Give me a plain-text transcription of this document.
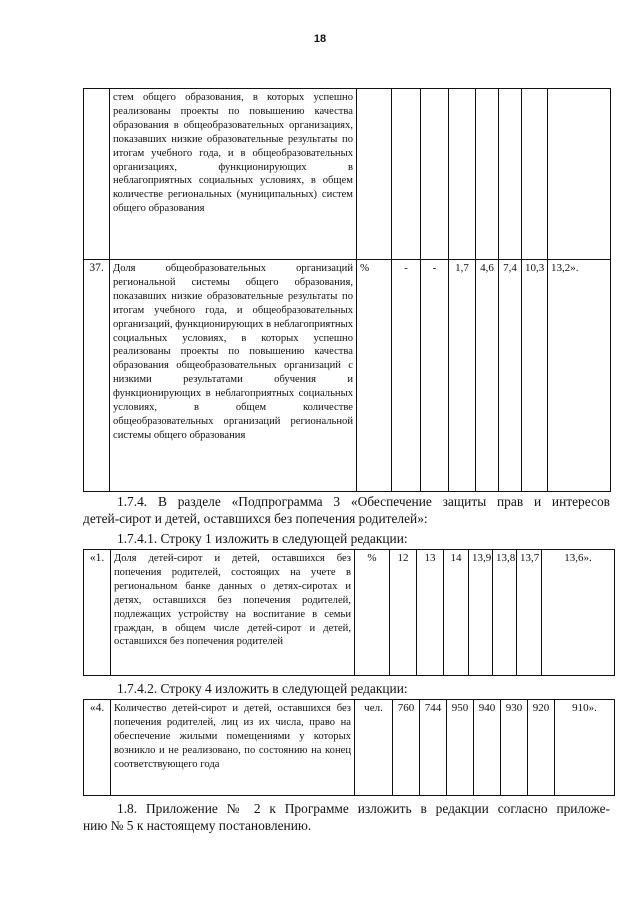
18
	стем общего образования, в которых успешно реализованы проекты по повышению качества образования в общеобразовательных организациях, показавших низкие образовательные результаты по итогам учебного года, и в общеобразовательных организациях, функционирующих в неблагоприятных социальных условиях, в общем количестве региональных (муниципальных) систем общего образования								
37.	Доля общеобразовательных организаций региональной системы общего образования, показавших низкие образовательные результаты по итогам учебного года, и общеобразовательных организаций, функционирующих в неблагоприятных социальных условиях, в которых успешно реализованы проекты по повышению качества образования общеобразовательных организаций с низкими результатами обучения и функционирующих в неблагоприятных социальных условиях, в общем количестве общеобразовательных организаций региональной системы общего образования	%	-	-	1,7	4,6	7,4	10,3	13,2».

1.7.4. В разделе «Подпрограмма 3 «Обеспечение защиты прав и интересов

детей-сирот и детей, оставшихся без попечения родителей»:

1.7.4.1. Строку 1 изложить в следующей редакции:

«1.	Доля детей-сирот и детей, оставшихся без попечения родителей, состоящих на учете в региональном банке данных о детях-сиротах и детях, оставшихся без попечения родителей, подлежащих устройству на воспитание в семьи граждан, в общем числе детей-сирот и детей, оставшихся без попечения родителей	%	12	13	14	13,9	13,8	13,7	13,6».

1.7.4.2. Строку 4 изложить в следующей редакции:

«4.	Количество детей-сирот и детей, оставшихся без попечения родителей, лиц из их числа, право на обеспечение жилыми помещениями у которых возникло и не реализовано, по состоянию на конец соответствующего года	чел.	760	744	950	940	930	920	910».

1.8. Приложение № 2 к Программе изложить в редакции согласно приложе-

нию № 5 к настоящему постановлению.
